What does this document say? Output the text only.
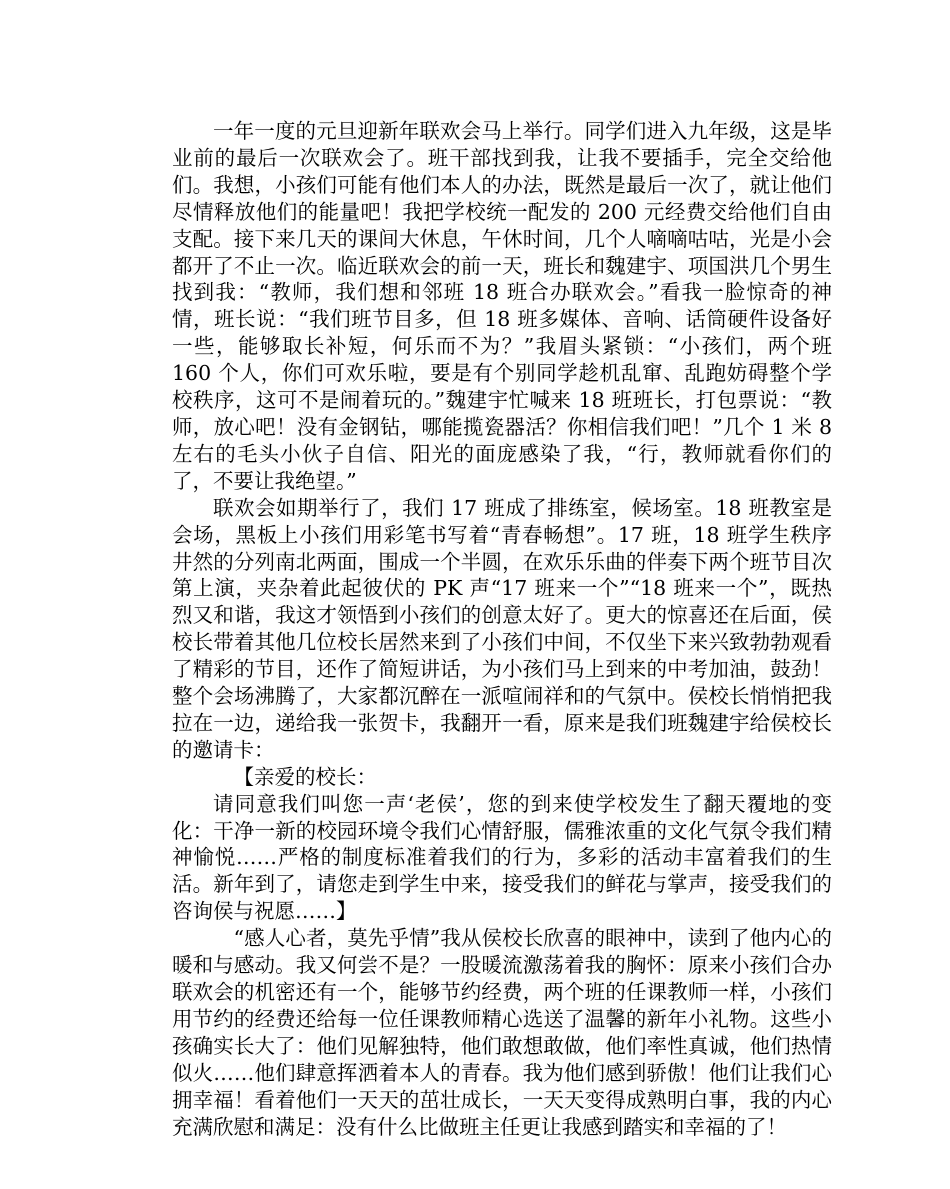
一年一度的元旦迎新年联欢会马上举行。同学们进入九年级，这是毕业前的最后一次联欢会了。班干部找到我，让我不要插手，完全交给他们。我想，小孩们可能有他们本人的办法，既然是最后一次了，就让他们尽情释放他们的能量吧！我把学校统一配发的 200 元经费交给他们自由支配。接下来几天的课间大休息，午休时间，几个人嘀嘀咕咕，光是小会都开了不止一次。临近联欢会的前一天，班长和魏建宇、项国洪几个男生找到我：“教师，我们想和邻班 18 班合办联欢会。”看我一脸惊奇的神情，班长说：“我们班节目多，但 18 班多媒体、音响、话筒硬件设备好一些，能够取长补短，何乐而不为？”我眉头紧锁：“小孩们，两个班 160 个人，你们可欢乐啦，要是有个别同学趁机乱窜、乱跑妨碍整个学校秩序，这可不是闹着玩的。”魏建宇忙喊来 18 班班长，打包票说：“教师，放心吧！没有金钢钻，哪能揽瓷器活？你相信我们吧！”几个 1 米 8 左右的毛头小伙子自信、阳光的面庞感染了我，“行，教师就看你们的了，不要让我绝望。”

联欢会如期举行了，我们 17 班成了排练室，候场室。18 班教室是会场，黑板上小孩们用彩笔书写着“青春畅想”。17 班，18 班学生秩序井然的分列南北两面，围成一个半圆，在欢乐乐曲的伴奏下两个班节目次第上演，夹杂着此起彼伏的 PK 声“17 班来一个”“18 班来一个”，既热烈又和谐，我这才领悟到小孩们的创意太好了。更大的惊喜还在后面，侯校长带着其他几位校长居然来到了小孩们中间，不仅坐下来兴致勃勃观看了精彩的节目，还作了简短讲话，为小孩们马上到来的中考加油，鼓劲！整个会场沸腾了，大家都沉醉在一派喧闹祥和的气氛中。侯校长悄悄把我拉在一边，递给我一张贺卡，我翻开一看，原来是我们班魏建宇给侯校长的邀请卡：

【亲爱的校长：

请同意我们叫您一声‘老侯’，您的到来使学校发生了翻天覆地的变化：干净一新的校园环境令我们心情舒服，儒雅浓重的文化气氛令我们精神愉悦……严格的制度标准着我们的行为，多彩的活动丰富着我们的生活。新年到了，请您走到学生中来，接受我们的鲜花与掌声，接受我们的咨询侯与祝愿……】

“感人心者，莫先乎情”我从侯校长欣喜的眼神中，读到了他内心的暖和与感动。我又何尝不是？一股暖流激荡着我的胸怀：原来小孩们合办联欢会的机密还有一个，能够节约经费，两个班的任课教师一样，小孩们用节约的经费还给每一位任课教师精心选送了温馨的新年小礼物。这些小孩确实长大了：他们见解独特，他们敢想敢做，他们率性真诚，他们热情似火……他们肆意挥洒着本人的青春。我为他们感到骄傲！他们让我们心拥幸福！看着他们一天天的茁壮成长，一天天变得成熟明白事，我的内心充满欣慰和满足：没有什么比做班主任更让我感到踏实和幸福的了！
